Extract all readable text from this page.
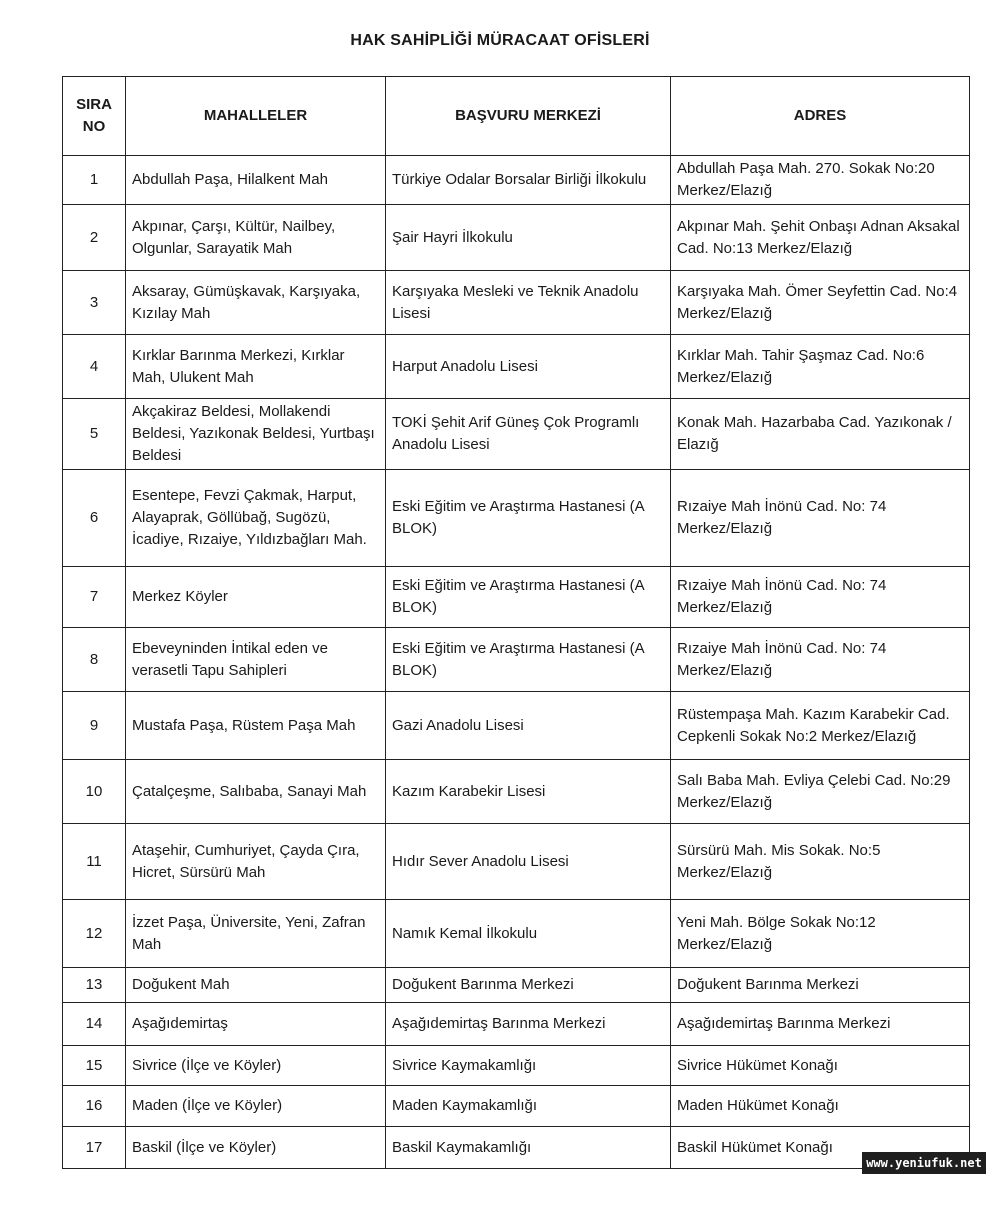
HAK SAHİPLİĞİ MÜRACAAT OFİSLERİ
SIRA NO	MAHALLELER	BAŞVURU MERKEZİ	ADRES
1	Abdullah Paşa, Hilalkent Mah	Türkiye Odalar Borsalar Birliği İlkokulu	Abdullah Paşa Mah. 270. Sokak No:20 Merkez/Elazığ
2	Akpınar, Çarşı, Kültür, Nailbey, Olgunlar, Sarayatik Mah	Şair Hayri İlkokulu	Akpınar Mah. Şehit Onbaşı Adnan Aksakal Cad. No:13 Merkez/Elazığ
3	Aksaray, Gümüşkavak, Karşıyaka, Kızılay Mah	Karşıyaka Mesleki ve Teknik Anadolu Lisesi	Karşıyaka Mah. Ömer Seyfettin Cad. No:4 Merkez/Elazığ
4	Kırklar Barınma Merkezi, Kırklar Mah, Ulukent Mah	Harput Anadolu Lisesi	Kırklar Mah. Tahir Şaşmaz Cad. No:6 Merkez/Elazığ
5	Akçakiraz Beldesi, Mollakendi Beldesi, Yazıkonak Beldesi, Yurtbaşı Beldesi	TOKİ Şehit Arif Güneş Çok Programlı Anadolu Lisesi	Konak Mah. Hazarbaba Cad. Yazıkonak / Elazığ
6	Esentepe, Fevzi Çakmak, Harput, Alayaprak, Göllübağ, Sugözü, İcadiye, Rızaiye, Yıldızbağları Mah.	Eski Eğitim ve Araştırma Hastanesi (A BLOK)	Rızaiye Mah İnönü Cad. No: 74 Merkez/Elazığ
7	Merkez Köyler	Eski Eğitim ve Araştırma Hastanesi (A BLOK)	Rızaiye Mah İnönü Cad. No: 74 Merkez/Elazığ
8	Ebeveyninden İntikal eden ve verasetli Tapu Sahipleri	Eski Eğitim ve Araştırma Hastanesi (A BLOK)	Rızaiye Mah İnönü Cad. No: 74 Merkez/Elazığ
9	Mustafa Paşa, Rüstem Paşa Mah	Gazi Anadolu Lisesi	Rüstempaşa Mah. Kazım Karabekir Cad. Cepkenli Sokak No:2 Merkez/Elazığ
10	Çatalçeşme, Salıbaba, Sanayi Mah	Kazım Karabekir Lisesi	Salı Baba Mah. Evliya Çelebi Cad. No:29 Merkez/Elazığ
11	Ataşehir, Cumhuriyet, Çayda Çıra, Hicret, Sürsürü Mah	Hıdır Sever Anadolu Lisesi	Sürsürü Mah. Mis Sokak. No:5 Merkez/Elazığ
12	İzzet Paşa, Üniversite, Yeni, Zafran Mah	Namık Kemal İlkokulu	Yeni Mah. Bölge Sokak No:12 Merkez/Elazığ
13	Doğukent Mah	Doğukent Barınma Merkezi	Doğukent Barınma Merkezi
14	Aşağıdemirtaş	Aşağıdemirtaş Barınma Merkezi	Aşağıdemirtaş Barınma Merkezi
15	Sivrice (İlçe ve Köyler)	Sivrice Kaymakamlığı	Sivrice Hükümet Konağı
16	Maden (İlçe ve Köyler)	Maden Kaymakamlığı	Maden Hükümet Konağı
17	Baskil (İlçe ve Köyler)	Baskil Kaymakamlığı	Baskil Hükümet Konağı
www.yeniufuk.net
